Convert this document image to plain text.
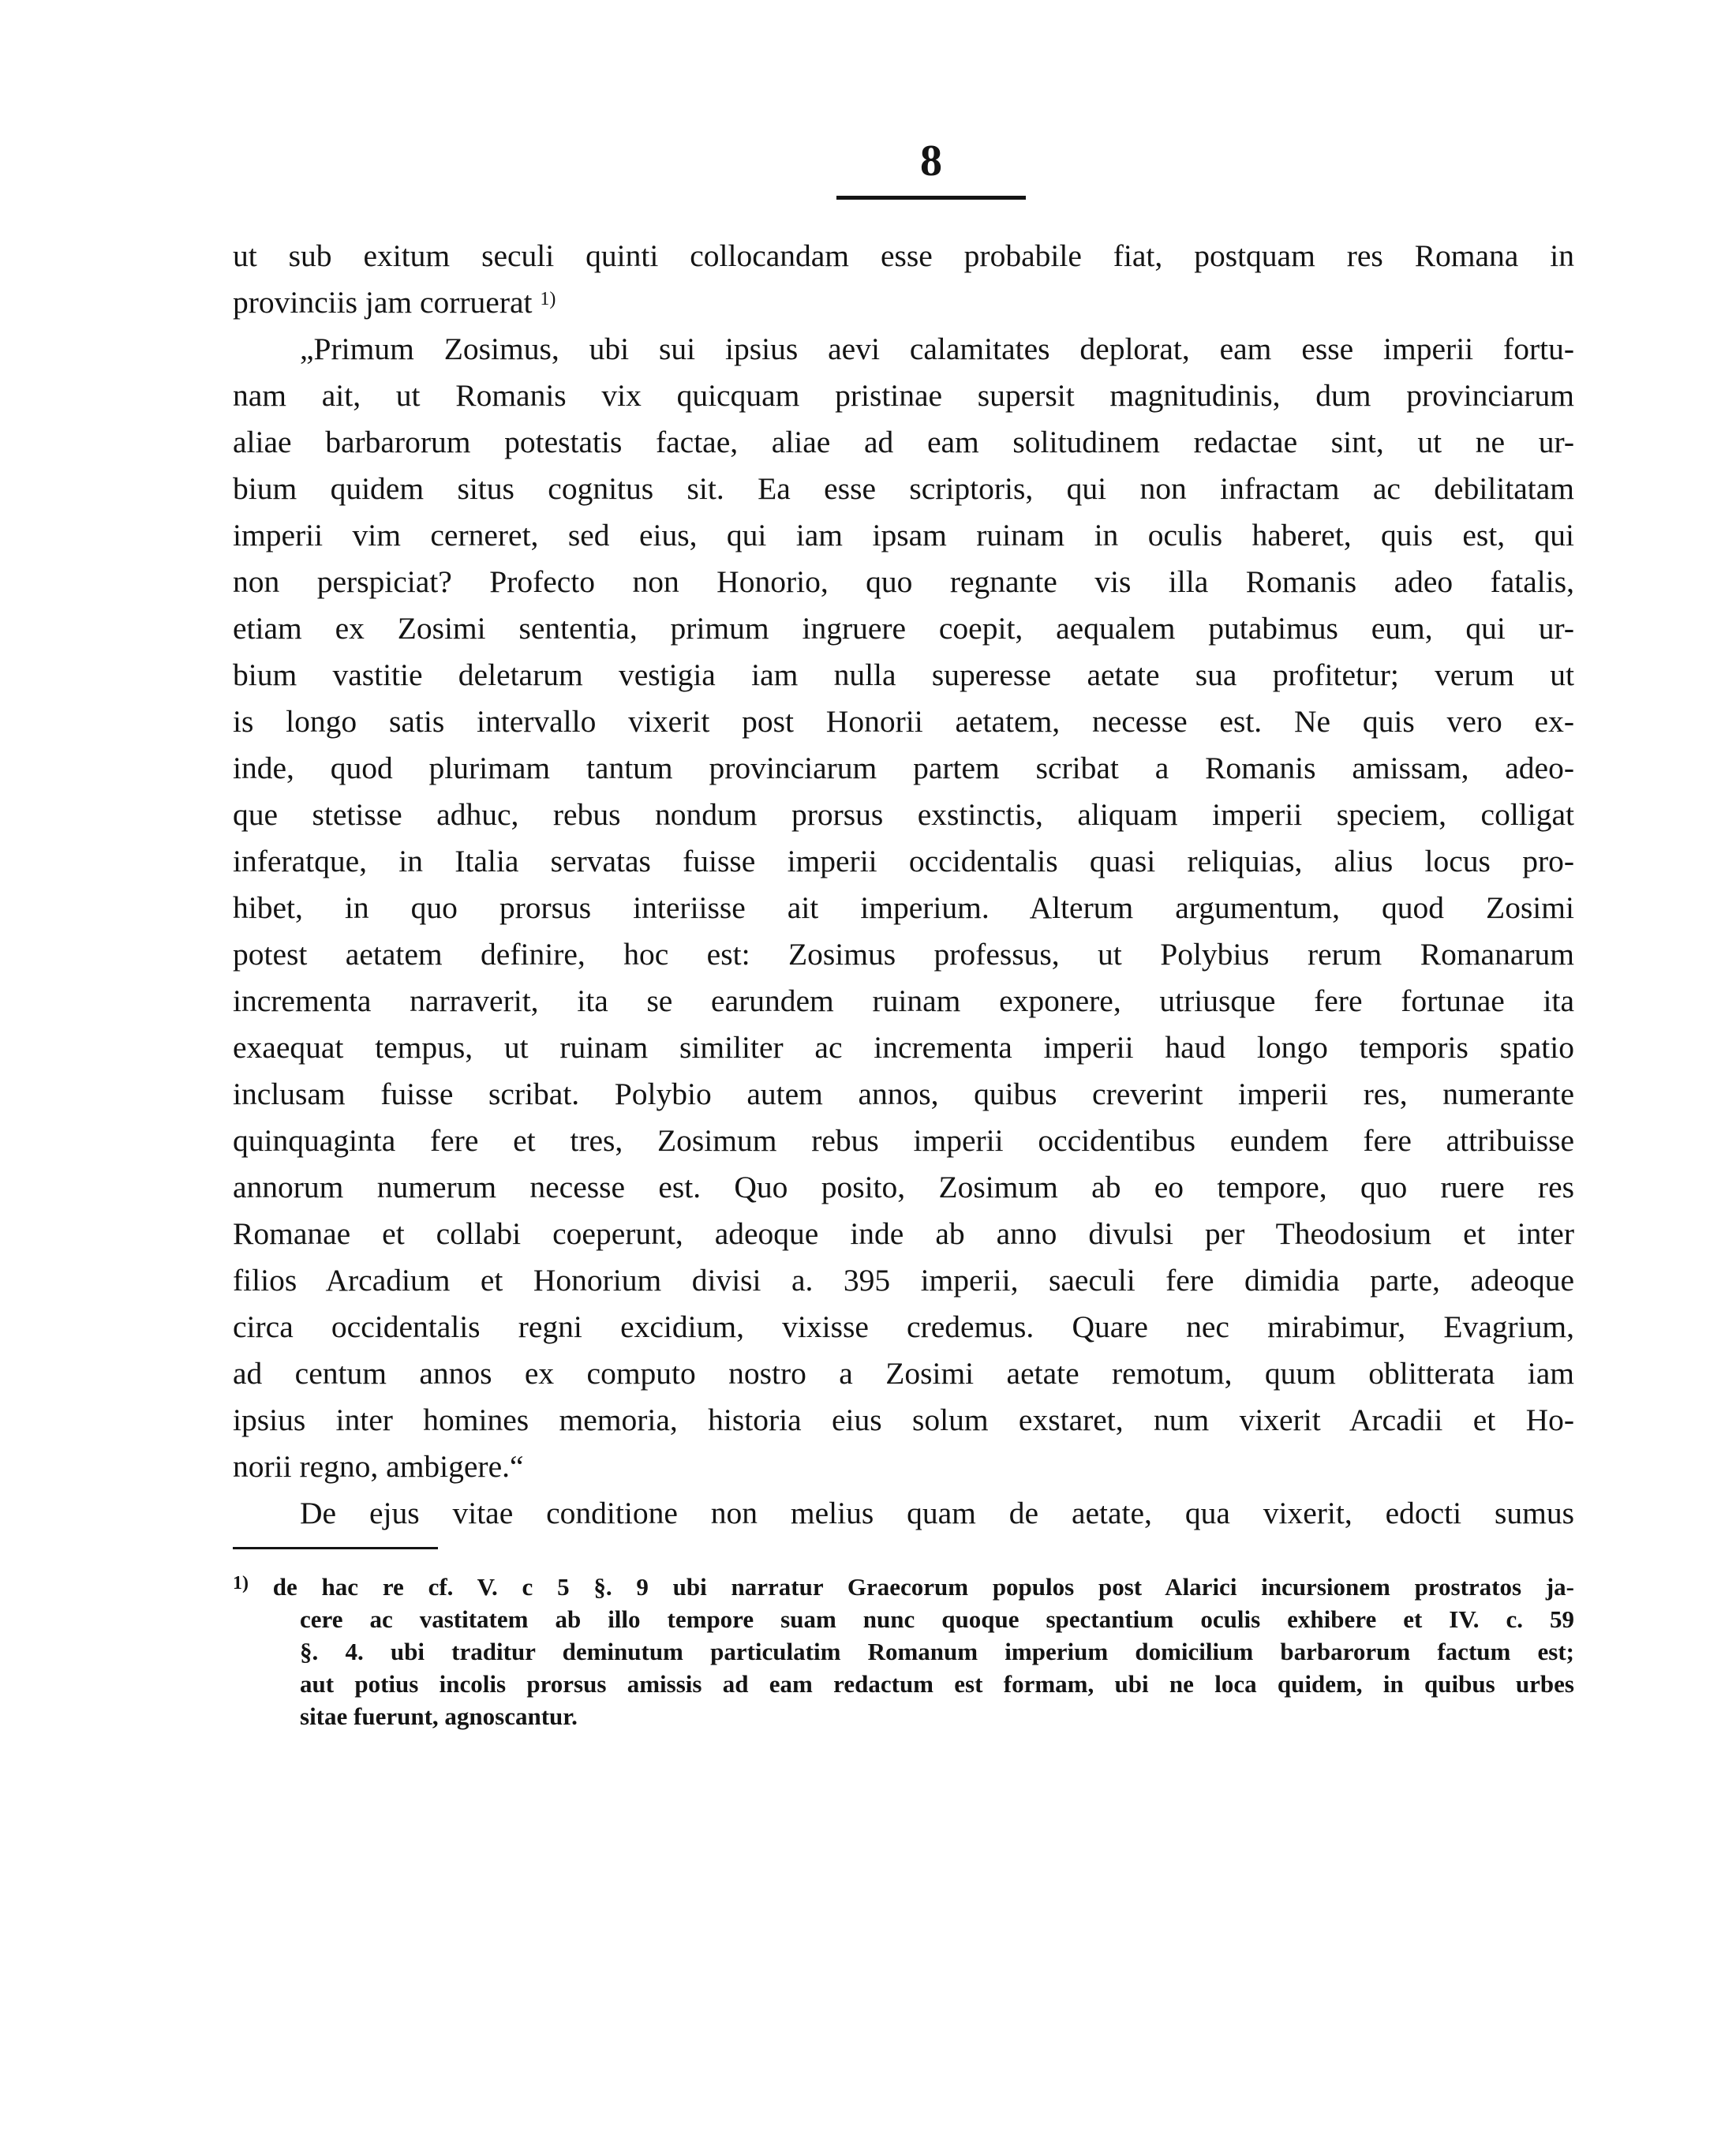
8
ut sub exitum seculi quinti collocandam esse probabile fiat, postquam res Romana in
provinciis jam corruerat $^{1)}$
„Primum Zosimus, ubi sui ipsius aevi calamitates deplorat, eam esse imperii fortu-
nam ait, ut Romanis vix quicquam pristinae supersit magnitudinis, dum provinciarum
aliae barbarorum potestatis factae, aliae ad eam solitudinem redactae sint, ut ne ur-
bium quidem situs cognitus sit. Ea esse scriptoris, qui non infractam ac debilitatam
imperii vim cerneret, sed eius, qui iam ipsam ruinam in oculis haberet, quis est, qui
non perspiciat? Profecto non Honorio, quo regnante vis illa Romanis adeo fatalis,
etiam ex Zosimi sententia, primum ingruere coepit, aequalem putabimus eum, qui ur-
bium vastitie deletarum vestigia iam nulla superesse aetate sua profitetur; verum ut
is longo satis intervallo vixerit post Honorii aetatem, necesse est. Ne quis vero ex-
inde, quod plurimam tantum provinciarum partem scribat a Romanis amissam, adeo-
que stetisse adhuc, rebus nondum prorsus exstinctis, aliquam imperii speciem, colligat
inferatque, in Italia servatas fuisse imperii occidentalis quasi reliquias, alius locus pro-
hibet, in quo prorsus interiisse ait imperium. Alterum argumentum, quod Zosimi
potest aetatem definire, hoc est: Zosimus professus, ut Polybius rerum Romanarum
incrementa narraverit, ita se earundem ruinam exponere, utriusque fere fortunae ita
exaequat tempus, ut ruinam similiter ac incrementa imperii haud longo temporis spatio
inclusam fuisse scribat. Polybio autem annos, quibus creverint imperii res, numerante
quinquaginta fere et tres, Zosimum rebus imperii occidentibus eundem fere attribuisse
annorum numerum necesse est. Quo posito, Zosimum ab eo tempore, quo ruere res
Romanae et collabi coeperunt, adeoque inde ab anno divulsi per Theodosium et inter
filios Arcadium et Honorium divisi a. 395 imperii, saeculi fere dimidia parte, adeoque
circa occidentalis regni excidium, vixisse credemus. Quare nec mirabimur, Evagrium,
ad centum annos ex computo nostro a Zosimi aetate remotum, quum oblitterata iam
ipsius inter homines memoria, historia eius solum exstaret, num vixerit Arcadii et Ho-
norii regno, ambigere.“
De ejus vitae conditione non melius quam de aetate, qua vixerit, edocti sumus
$^{1)}$ de hac re cf. V. c 5 §. 9 ubi narratur Graecorum populos post Alarici incursionem prostratos ja-
cere ac vastitatem ab illo tempore suam nunc quoque spectantium oculis exhibere et IV. c. 59
§. 4. ubi traditur deminutum particulatim Romanum imperium domicilium barbarorum factum est;
aut potius incolis prorsus amissis ad eam redactum est formam, ubi ne loca quidem, in quibus urbes
sitae fuerunt, agnoscantur.
